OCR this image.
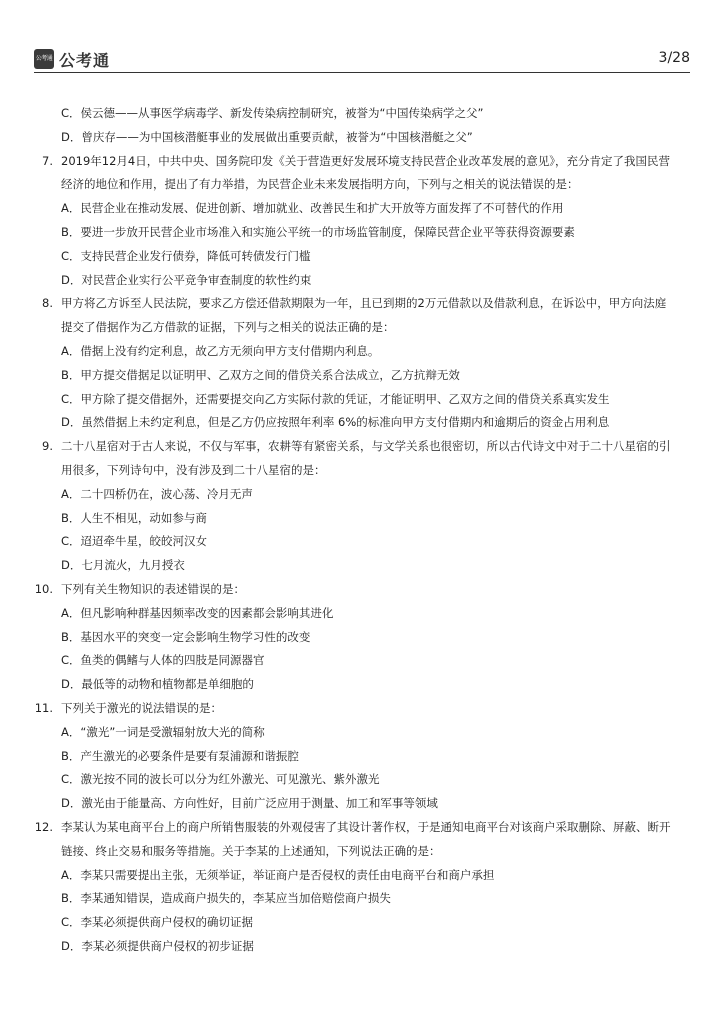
公考通 公考通	3/28
C．侯云德——从事医学病毒学、新发传染病控制研究，被誉为“中国传染病学之父”
D．曾庆存——为中国核潜艇事业的发展做出重要贡献，被誉为“中国核潜艇之父”
7. 2019年12月4日，中共中央、国务院印发《关于营造更好发展环境支持民营企业改革发展的意见》，充分肯定了我国民营
经济的地位和作用，提出了有力举措，为民营企业未来发展指明方向，下列与之相关的说法错误的是：
A．民营企业在推动发展、促进创新、增加就业、改善民生和扩大开放等方面发挥了不可替代的作用
B．要进一步放开民营企业市场准入和实施公平统一的市场监管制度，保障民营企业平等获得资源要素
C．支持民营企业发行债券，降低可转债发行门槛
D．对民营企业实行公平竞争审查制度的软性约束
8. 甲方将乙方诉至人民法院，要求乙方偿还借款期限为一年，且已到期的2万元借款以及借款利息，在诉讼中，甲方向法庭
提交了借据作为乙方借款的证据，下列与之相关的说法正确的是：
A．借据上没有约定利息，故乙方无须向甲方支付借期内利息。
B．甲方提交借据足以证明甲、乙双方之间的借贷关系合法成立，乙方抗辩无效
C．甲方除了提交借据外，还需要提交向乙方实际付款的凭证，才能证明甲、乙双方之间的借贷关系真实发生
D．虽然借据上未约定利息，但是乙方仍应按照年利率 6%的标准向甲方支付借期内和逾期后的资金占用利息
9. 二十八星宿对于古人来说，不仅与军事，农耕等有紧密关系，与文学关系也很密切，所以古代诗文中对于二十八星宿的引
用很多，下列诗句中，没有涉及到二十八星宿的是：
A．二十四桥仍在，波心荡、冷月无声
B．人生不相见，动如参与商
C．迢迢牵牛星，皎皎河汉女
D．七月流火，九月授衣
10. 下列有关生物知识的表述错误的是：
A．但凡影响种群基因频率改变的因素都会影响其进化
B．基因水平的突变一定会影响生物学习性的改变
C．鱼类的偶鳍与人体的四肢是同源器官
D．最低等的动物和植物都是单细胞的
11. 下列关于激光的说法错误的是：
A．“激光”一词是受激辐射放大光的简称
B．产生激光的必要条件是要有泵浦源和谐振腔
C．激光按不同的波长可以分为红外激光、可见激光、紫外激光
D．激光由于能量高、方向性好，目前广泛应用于测量、加工和军事等领域
12. 李某认为某电商平台上的商户所销售服装的外观侵害了其设计著作权，于是通知电商平台对该商户采取删除、屏蔽、断开
链接、终止交易和服务等措施。关于李某的上述通知，下列说法正确的是：
A．李某只需要提出主张，无须举证，举证商户是否侵权的责任由电商平台和商户承担
B．李某通知错误，造成商户损失的，李某应当加倍赔偿商户损失
C．李某必须提供商户侵权的确切证据
D．李某必须提供商户侵权的初步证据
